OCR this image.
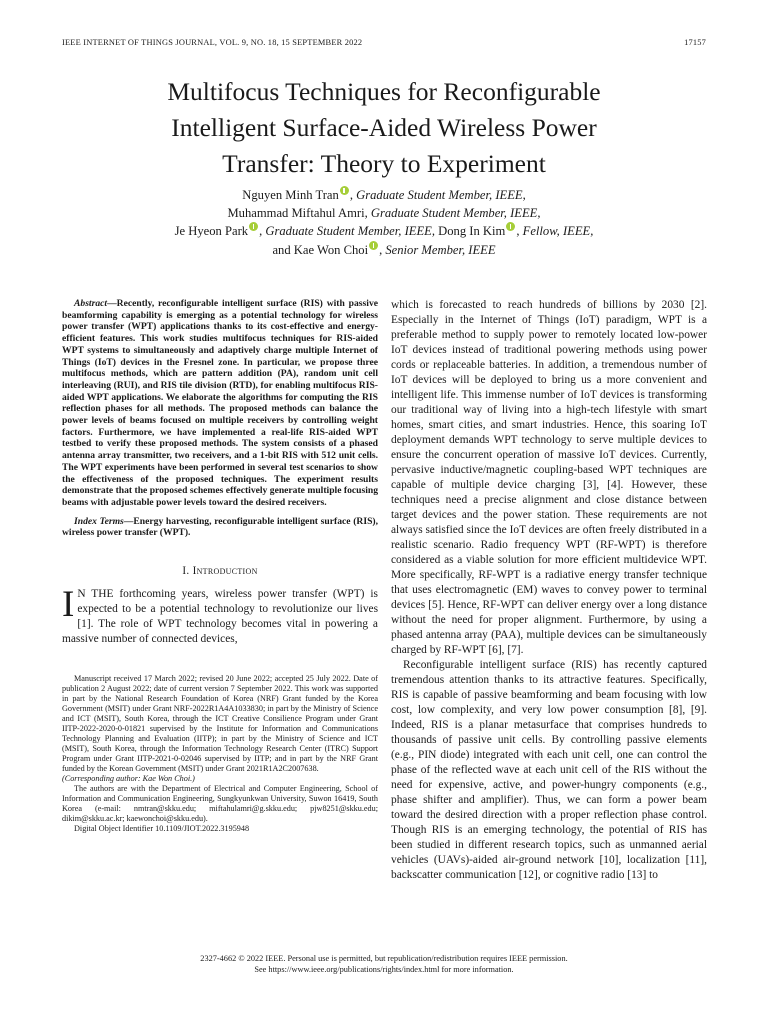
IEEE INTERNET OF THINGS JOURNAL, VOL. 9, NO. 18, 15 SEPTEMBER 2022	17157
Multifocus Techniques for Reconfigurable
Intelligent Surface-Aided Wireless Power
Transfer: Theory to Experiment
Nguyen Minh Tran , Graduate Student Member, IEEE,
Muhammad Miftahul Amri, Graduate Student Member, IEEE,
Je Hyeon Park , Graduate Student Member, IEEE, Dong In Kim , Fellow, IEEE,
and Kae Won Choi , Senior Member, IEEE

Abstract—Recently, reconfigurable intelligent surface (RIS) with passive beamforming capability is emerging as a potential technology for wireless power transfer (WPT) applications thanks to its cost-effective and energy-efficient features. This work studies multifocus techniques for RIS-aided WPT systems to simultaneously and adaptively charge multiple Internet of Things (IoT) devices in the Fresnel zone. In particular, we propose three multifocus methods, which are pattern addition (PA), random unit cell interleaving (RUI), and RIS tile division (RTD), for enabling multifocus RIS-aided WPT applications. We elaborate the algorithms for computing the RIS reflection phases for all methods. The proposed methods can balance the power levels of beams focused on multiple receivers by controlling weight factors. Furthermore, we have implemented a real-life RIS-aided WPT testbed to verify these proposed methods. The system consists of a phased antenna array transmitter, two receivers, and a 1-bit RIS with 512 unit cells. The WPT experiments have been performed in several test scenarios to show the effectiveness of the proposed techniques. The experiment results demonstrate that the proposed schemes effectively generate multiple focusing beams with adjustable power levels toward the desired receivers.

Index Terms—Energy harvesting, reconfigurable intelligent surface (RIS), wireless power transfer (WPT).

I. Introduction

I N THE forthcoming years, wireless power transfer (WPT) is expected to be a potential technology to revolutionize our lives [1]. The role of WPT technology becomes vital in powering a massive number of connected devices,

Manuscript received 17 March 2022; revised 20 June 2022; accepted 25 July 2022. Date of publication 2 August 2022; date of current version 7 September 2022. This work was supported in part by the National Research Foundation of Korea (NRF) Grant funded by the Korea Government (MSIT) under Grant NRF-2022R1A4A1033830; in part by the Ministry of Science and ICT (MSIT), South Korea, through the ICT Creative Consilience Program under Grant IITP-2022-2020-0-01821 supervised by the Institute for Information and Communications Technology Planning and Evaluation (IITP); in part by the Ministry of Science and ICT (MSIT), South Korea, through the Information Technology Research Center (ITRC) Support Program under Grant IITP-2021-0-02046 supervised by IITP; and in part by the NRF Grant funded by the Korean Government (MSIT) under Grant 2021R1A2C2007638.

(Corresponding author: Kae Won Choi.)

The authors are with the Department of Electrical and Computer Engineering, School of Information and Communication Engineering, Sungkyunkwan University, Suwon 16419, South Korea (e-mail: nmtran@skku.edu; miftahulamri@g.skku.edu; pjw8251@skku.edu; dikim@skku.ac.kr; kaewonchoi@skku.edu).

Digital Object Identifier 10.1109/JIOT.2022.3195948

which is forecasted to reach hundreds of billions by 2030 [2]. Especially in the Internet of Things (IoT) paradigm, WPT is a preferable method to supply power to remotely located low-power IoT devices instead of traditional powering methods using power cords or replaceable batteries. In addition, a tremendous number of IoT devices will be deployed to bring us a more convenient and intelligent life. This immense number of IoT devices is transforming our traditional way of living into a high-tech lifestyle with smart homes, smart cities, and smart industries. Hence, this soaring IoT deployment demands WPT technology to serve multiple devices to ensure the concurrent operation of massive IoT devices. Currently, pervasive inductive/magnetic coupling-based WPT techniques are capable of multiple device charging [3], [4]. However, these techniques need a precise alignment and close distance between target devices and the power station. These requirements are not always satisfied since the IoT devices are often freely distributed in a realistic scenario. Radio frequency WPT (RF-WPT) is therefore considered as a viable solution for more efficient multidevice WPT. More specifically, RF-WPT is a radiative energy transfer technique that uses electromagnetic (EM) waves to convey power to terminal devices [5]. Hence, RF-WPT can deliver energy over a long distance without the need for proper alignment. Furthermore, by using a phased antenna array (PAA), multiple devices can be simultaneously charged by RF-WPT [6], [7].

Reconfigurable intelligent surface (RIS) has recently captured tremendous attention thanks to its attractive features. Specifically, RIS is capable of passive beamforming and beam focusing with low cost, low complexity, and very low power consumption [8], [9]. Indeed, RIS is a planar metasurface that comprises hundreds to thousands of passive unit cells. By controlling passive elements (e.g., PIN diode) integrated with each unit cell, one can control the phase of the reflected wave at each unit cell of the RIS without the need for expensive, active, and power-hungry components (e.g., phase shifter and amplifier). Thus, we can form a power beam toward the desired direction with a proper reflection phase control. Though RIS is an emerging technology, the potential of RIS has been studied in different research topics, such as unmanned aerial vehicles (UAVs)-aided air-ground network [10], localization [11], backscatter communication [12], or cognitive radio [13] to

2327-4662 © 2022 IEEE. Personal use is permitted, but republication/redistribution requires IEEE permission.
See https://www.ieee.org/publications/rights/index.html for more information.
